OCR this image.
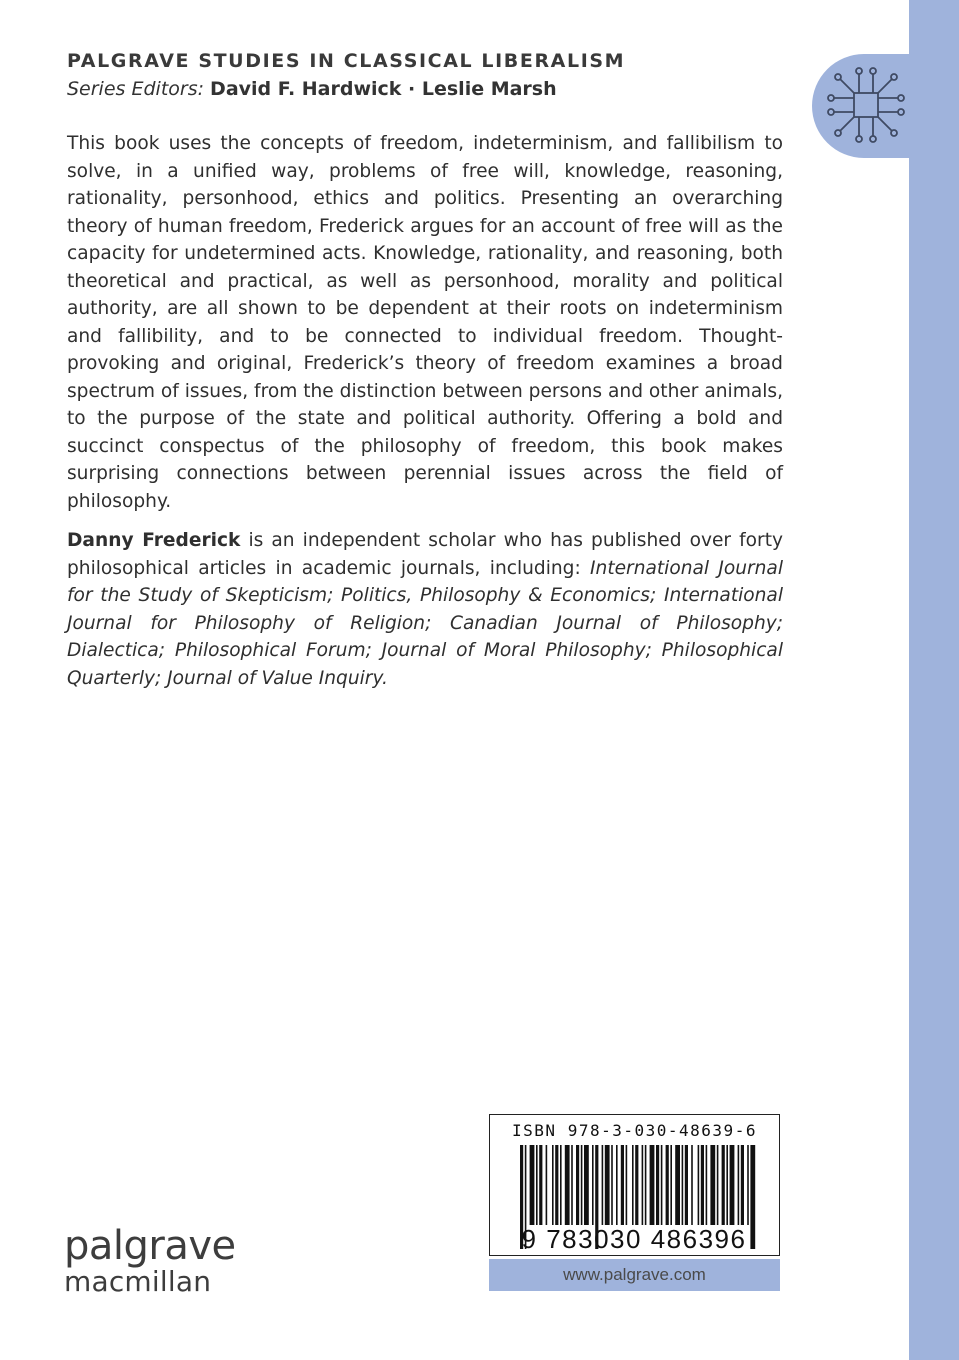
PALGRAVE STUDIES IN CLASSICAL LIBERALISM
Series Editors: David F. Hardwick · Leslie Marsh

This book uses the concepts of freedom, indeterminism, and fallibilism to solve, in a unified way, problems of free will, knowledge, reasoning, rationality, personhood, ethics and politics. Presenting an overarching theory of human freedom, Frederick argues for an account of free will as the capacity for undetermined acts. Knowledge, rationality, and reasoning, both theoretical and practical, as well as personhood, morality and political authority, are all shown to be dependent at their roots on indeterminism and fallibility, and to be connected to individual freedom. Thought-provoking and original, Frederick’s theory of freedom examines a broad spectrum of issues, from the distinction between persons and other animals, to the purpose of the state and political authority. Offering a bold and succinct conspectus of the philosophy of freedom, this book makes surprising connections between perennial issues across the field of philosophy.

Danny Frederick is an independent scholar who has published over forty philosophical articles in academic journals, including: International Journal for the Study of Skepticism; Politics, Philosophy & Economics; International Journal for Philosophy of Religion; Canadian Journal of Philosophy; Dialectica; Philosophical Forum; Journal of Moral Philosophy; Philosophical Quarterly; Journal of Value Inquiry.

ISBN 978-3-030-48639-6
9 783030 486396
www.palgrave.com
palgrave
macmillan
